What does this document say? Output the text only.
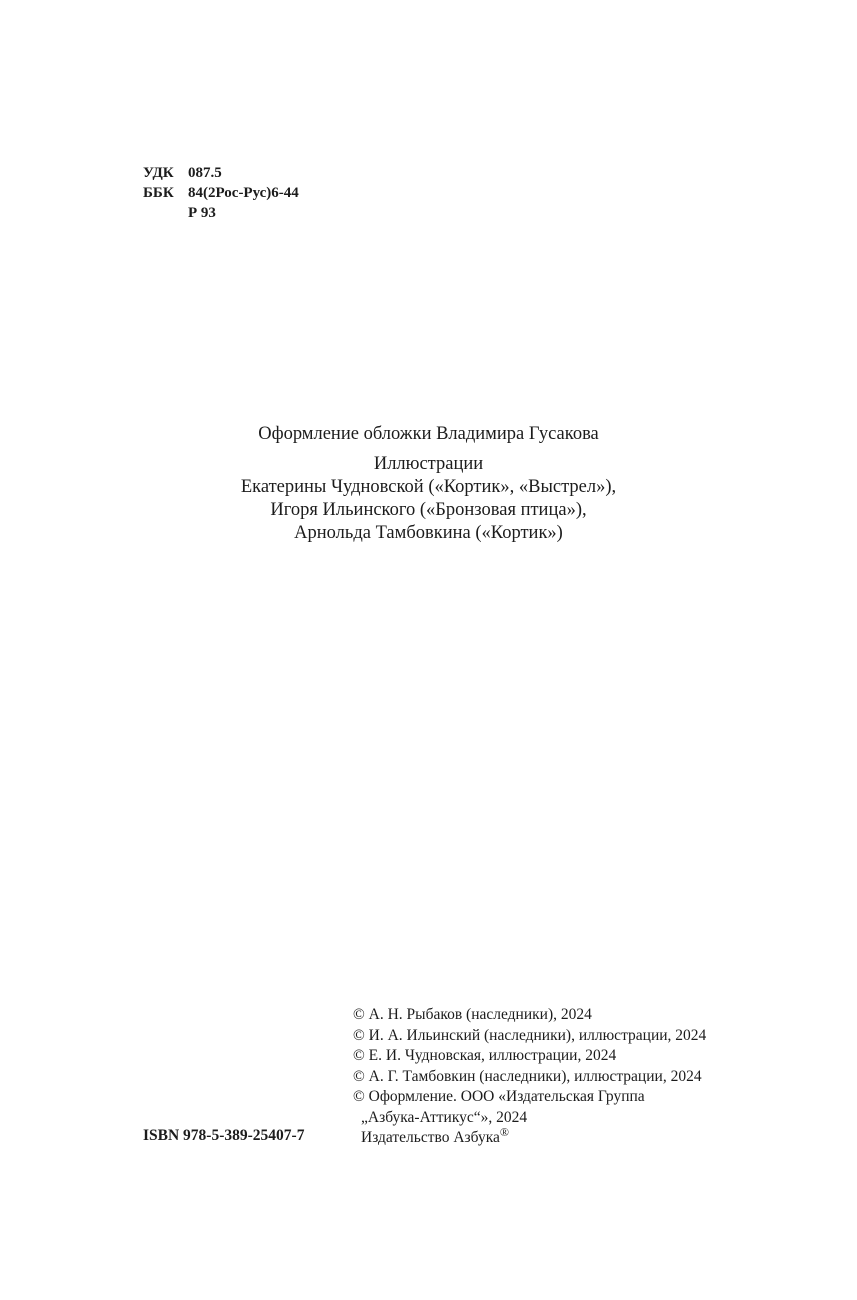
УДК 087.5
ББК 84(2Рос-Рус)6-44
Р 93
Оформление обложки Владимира Гусакова
Иллюстрации
Екатерины Чудновской («Кортик», «Выстрел»),
Игоря Ильинского («Бронзовая птица»),
Арнольда Тамбовкина («Кортик»)
© А. Н. Рыбаков (наследники), 2024
© И. А. Ильинский (наследники), иллюстрации, 2024
© Е. И. Чудновская, иллюстрации, 2024
© А. Г. Тамбовкин (наследники), иллюстрации, 2024
© Оформление. ООО «Издательская Группа
„Азбука-Аттикус“», 2024
Издательство Азбука®
ISBN 978-5-389-25407-7
